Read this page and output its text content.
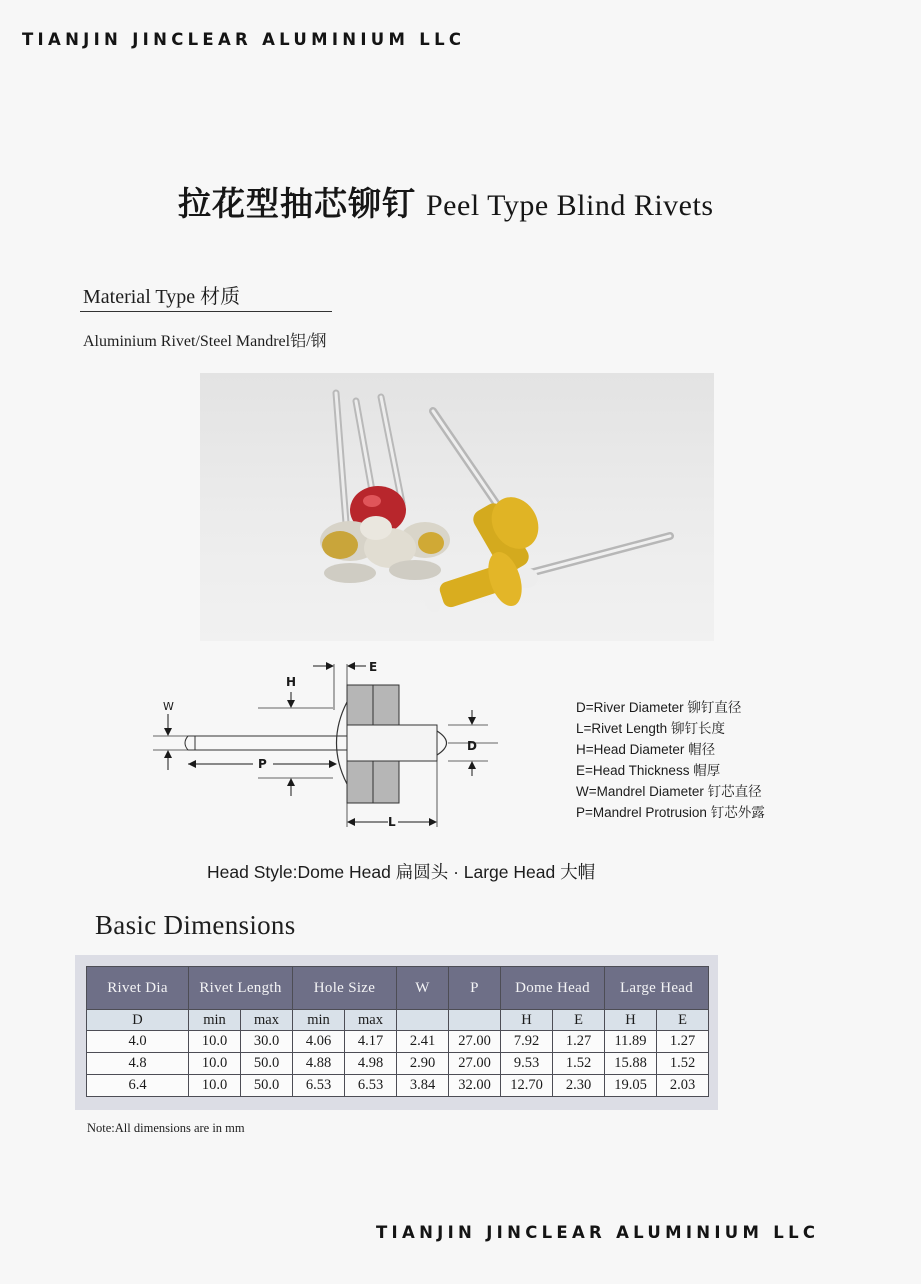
TIANJIN JINCLEAR ALUMINIUM LLC
拉花型抽芯铆钉 Peel Type Blind Rivets
Material Type 材质
Aluminium Rivet/Steel Mandrel铝/钢
W
H
E
P
D
L
D=River Diameter 铆钉直径
L=Rivet Length 铆钉长度
H=Head Diameter 帽径
E=Head Thickness 帽厚
W=Mandrel Diameter 钉芯直径
P=Mandrel Protrusion 钉芯外露
Head Style:Dome Head 扁圆头 · Large Head 大帽
Basic Dimensions
Rivet Dia	Rivet Length		Hole Size		W	P	Dome Head		Large Head	
D	min	max	min	max			H	E	H	E
4.0	10.0	30.0	4.06	4.17	2.41	27.00	7.92	1.27	11.89	1.27
4.8	10.0	50.0	4.88	4.98	2.90	27.00	9.53	1.52	15.88	1.52
6.4	10.0	50.0	6.53	6.53	3.84	32.00	12.70	2.30	19.05	2.03
Note:All dimensions are in mm
TIANJIN JINCLEAR ALUMINIUM LLC
